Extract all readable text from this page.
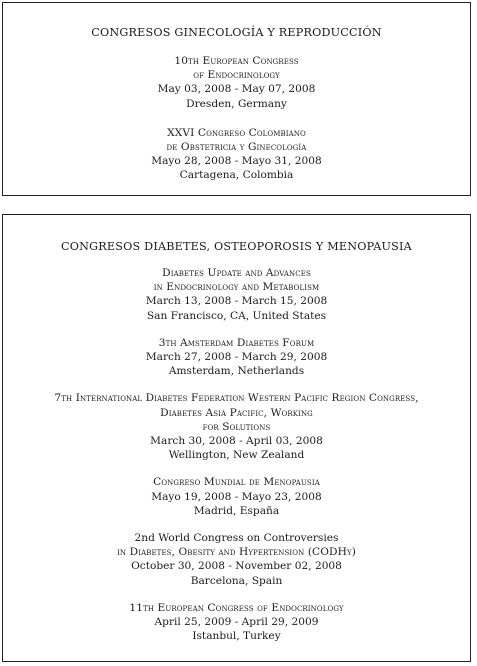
CONGRESOS GINECOLOGÍA Y REPRODUCCIÓN

10th European Congress
of Endocrinology
May 03, 2008 - May 07, 2008
Dresden, Germany
XXVI Congreso Colombiano
de Obstetricia y Ginecología
Mayo 28, 2008 - Mayo 31, 2008
Cartagena, Colombia

CONGRESOS DIABETES, OSTEOPOROSIS Y MENOPAUSIA

Diabetes Update and Advances
in Endocrinology and Metabolism
March 13, 2008 - March 15, 2008
San Francisco, CA, United States
3th Amsterdam Diabetes Forum
March 27, 2008 - March 29, 2008
Amsterdam, Netherlands
7th International Diabetes Federation Western Pacific Region Congress,
Diabetes Asia Pacific, Working
for Solutions
March 30, 2008 - April 03, 2008
Wellington, New Zealand
Congreso Mundial de Menopausia
Mayo 19, 2008 - Mayo 23, 2008
Madrid, España
2nd World Congress on Controversies
in Diabetes, Obesity and Hypertension (CODHy)
October 30, 2008 - November 02, 2008
Barcelona, Spain
11th European Congress of Endocrinology
April 25, 2009 - April 29, 2009
Istanbul, Turkey
